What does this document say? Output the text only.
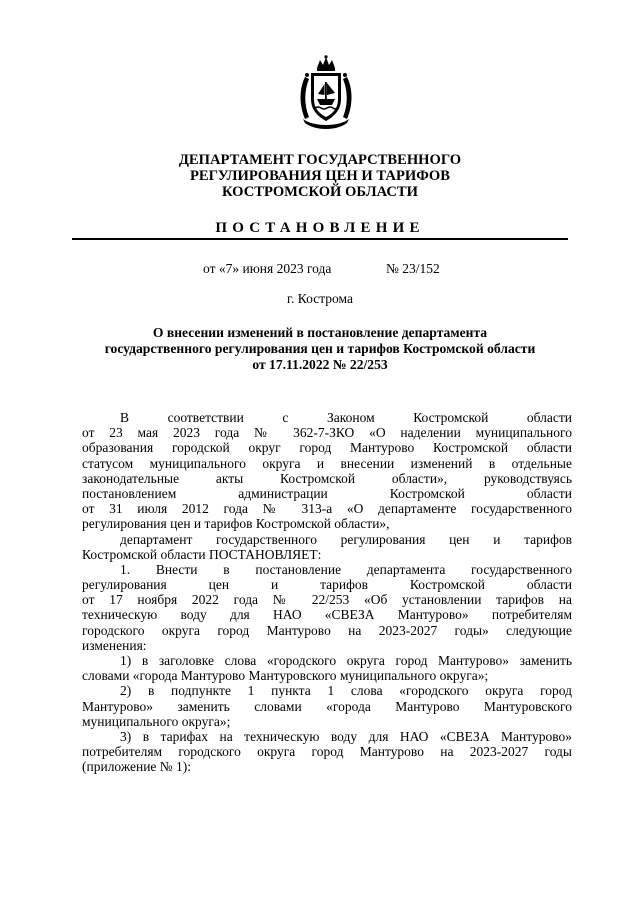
ДЕПАРТАМЕНТ ГОСУДАРСТВЕННОГО
РЕГУЛИРОВАНИЯ ЦЕН И ТАРИФОВ
КОСТРОМСКОЙ ОБЛАСТИ
ПОСТАНОВЛЕНИЕ
от «7» июня 2023 года	№ 23/152
г. Кострома
О внесении изменений в постановление департамента
государственного регулирования цен и тарифов Костромской области
от 17.11.2022 № 22/253
В соответствии с Законом Костромской области
от 23 мая 2023 года № 362-7-ЗКО «О наделении муниципального
образования городской округ город Мантурово Костромской области
статусом муниципального округа и внесении изменений в отдельные
законодательные акты Костромской области», руководствуясь
постановлением администрации Костромской области
от 31 июля 2012 года № 313-а «О департаменте государственного
регулирования цен и тарифов Костромской области»,
департамент государственного регулирования цен и тарифов
Костромской области ПОСТАНОВЛЯЕТ:
1. Внести в постановление департамента государственного
регулирования цен и тарифов Костромской области
от 17 ноября 2022 года № 22/253 «Об установлении тарифов на
техническую воду для НАО «СВЕЗА Мантурово» потребителям
городского округа город Мантурово на 2023-2027 годы» следующие
изменения:
1) в заголовке слова «городского округа город Мантурово» заменить
словами «города Мантурово Мантуровского муниципального округа»;
2) в подпункте 1 пункта 1 слова «городского округа город
Мантурово» заменить словами «города Мантурово Мантуровского
муниципального округа»;
3) в тарифах на техническую воду для НАО «СВЕЗА Мантурово»
потребителям городского округа город Мантурово на 2023-2027 годы
(приложение № 1):
